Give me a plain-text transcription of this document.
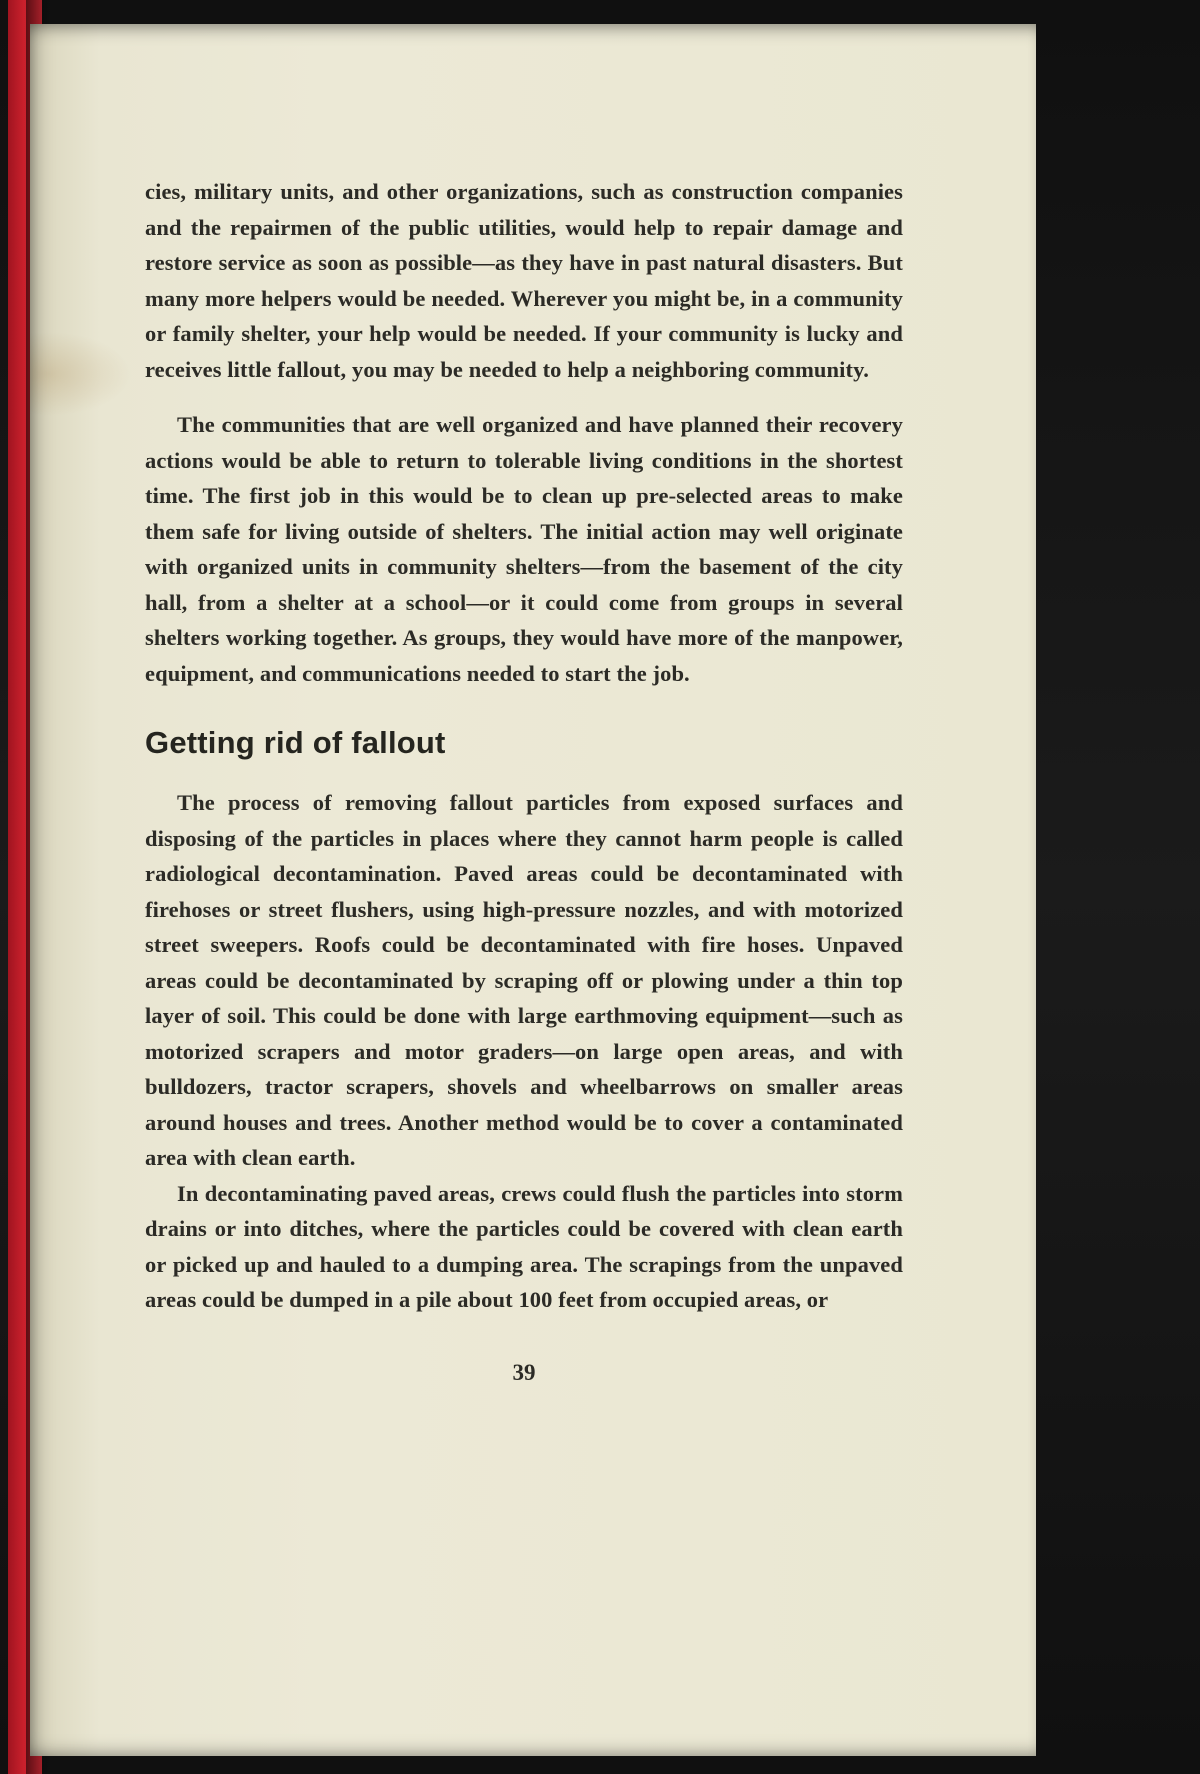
cies, military units, and other organizations, such as construction companies and the repairmen of the public utilities, would help to repair damage and restore service as soon as possible—as they have in past natural disasters. But many more helpers would be needed. Wherever you might be, in a community or family shelter, your help would be needed. If your community is lucky and receives little fallout, you may be needed to help a neighboring community.

The communities that are well organized and have planned their recovery actions would be able to return to tolerable living conditions in the shortest time. The first job in this would be to clean up pre-selected areas to make them safe for living outside of shelters. The initial action may well originate with organized units in community shelters—from the basement of the city hall, from a shelter at a school—or it could come from groups in several shelters working together. As groups, they would have more of the manpower, equipment, and communications needed to start the job.

Getting rid of fallout

The process of removing fallout particles from exposed surfaces and disposing of the particles in places where they cannot harm people is called radiological decontamination. Paved areas could be decontaminated with firehoses or street flushers, using high-pressure nozzles, and with motorized street sweepers. Roofs could be decontaminated with fire hoses. Unpaved areas could be decontaminated by scraping off or plowing under a thin top layer of soil. This could be done with large earthmoving equipment—such as motorized scrapers and motor graders—on large open areas, and with bulldozers, tractor scrapers, shovels and wheelbarrows on smaller areas around houses and trees. Another method would be to cover a contaminated area with clean earth.

In decontaminating paved areas, crews could flush the particles into storm drains or into ditches, where the particles could be covered with clean earth or picked up and hauled to a dumping area. The scrapings from the unpaved areas could be dumped in a pile about 100 feet from occupied areas, or

39
